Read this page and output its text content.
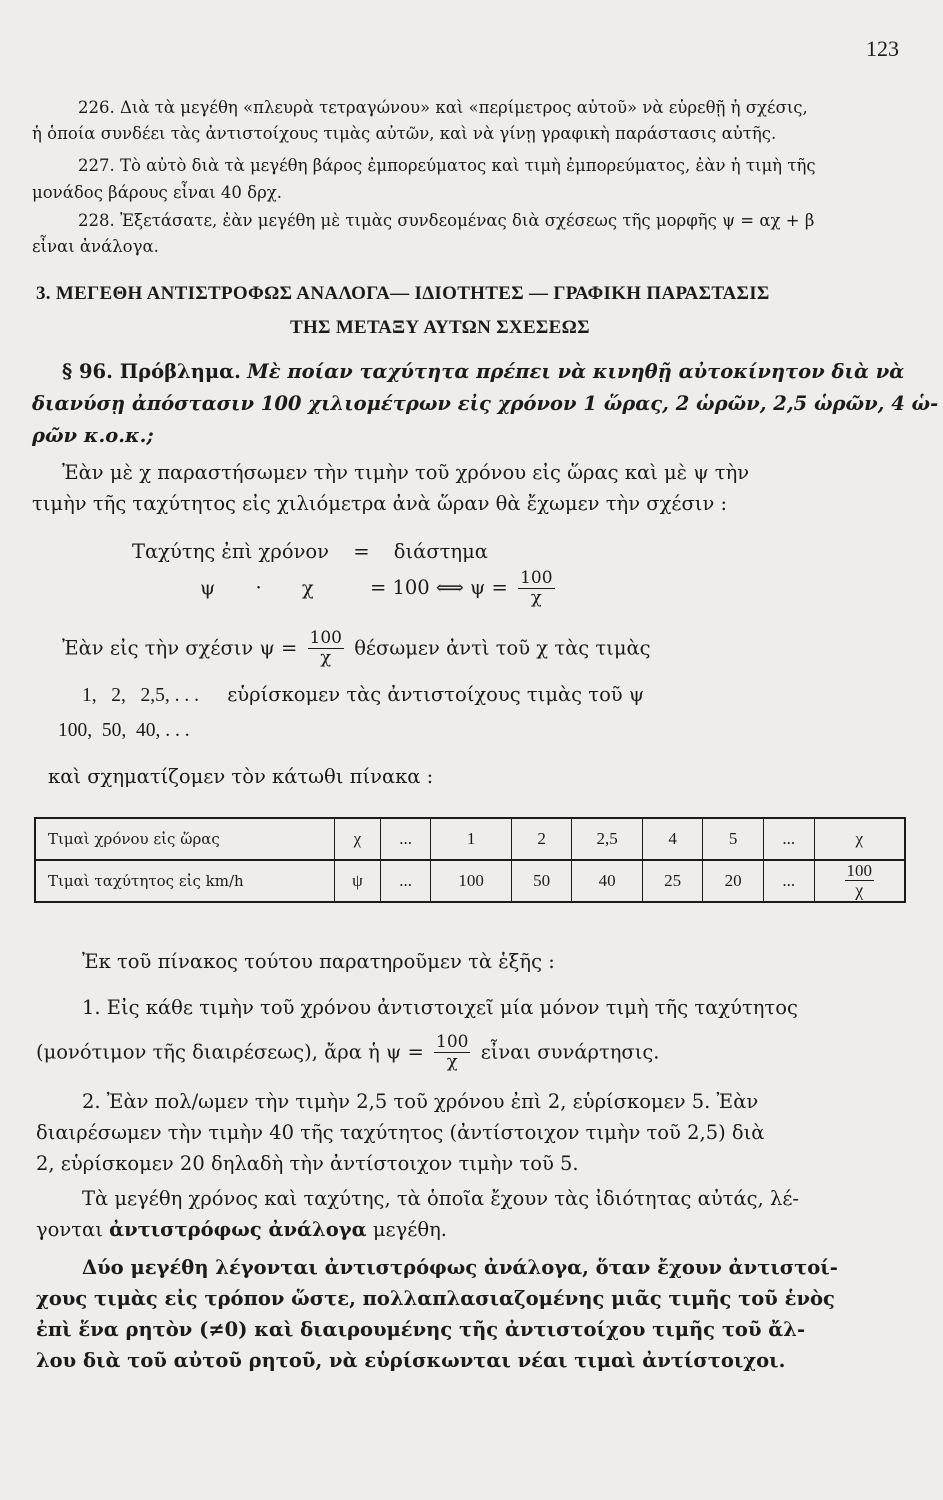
123
226. Διὰ τὰ μεγέθη «πλευρὰ τετραγώνου» καὶ «περίμετρος αὐτοῦ» νὰ εὑρεθῇ ἡ σχέσις,
ἡ ὁποία συνδέει τὰς ἀντιστοίχους τιμὰς αὐτῶν, καὶ νὰ γίνῃ γραφικὴ παράστασις αὐτῆς.
227. Τὸ αὐτὸ διὰ τὰ μεγέθη βάρος ἐμπορεύματος καὶ τιμὴ ἐμπορεύματος, ἐὰν ἡ τιμὴ τῆς
μονάδος βάρους εἶναι 40 δρχ.
228. Ἐξετάσατε, ἐὰν μεγέθη μὲ τιμὰς συνδεομένας διὰ σχέσεως τῆς μορφῆς ψ = αχ + β
εἶναι ἀνάλογα.
3. ΜΕΓΕΘΗ ΑΝΤΙΣΤΡΟΦΩΣ ΑΝΑΛΟΓΑ— ΙΔΙΟΤΗΤΕΣ — ΓΡΑΦΙΚΗ ΠΑΡΑΣΤΑΣΙΣ
ΤΗΣ ΜΕΤΑΞΥ ΑΥΤΩΝ ΣΧΕΣΕΩΣ
§ 96. Πρόβλημα. Μὲ ποίαν ταχύτητα πρέπει νὰ κινηθῇ αὐτοκίνητον διὰ νὰ
διανύσῃ ἀπόστασιν 100 χιλιομέτρων εἰς χρόνον 1 ὥρας, 2 ὡρῶν, 2,5 ὡρῶν, 4 ὡ-
ρῶν κ.ο.κ.;
Ἐὰν μὲ χ παραστήσωμεν τὴν τιμὴν τοῦ χρόνου εἰς ὥρας καὶ μὲ ψ τὴν
τιμὴν τῆς ταχύτητος εἰς χιλιόμετρα ἀνὰ ὥραν θὰ ἔχωμεν τὴν σχέσιν :
Ταχύτης ἐπὶ χρόνον = διάστημα
ψ · χ	= 100 ⟺ $\psi = \frac{100}{\chi}$
Ἐὰν εἰς τὴν σχέσιν $\psi = \frac{100}{\chi}$ θέσωμεν ἀντὶ τοῦ χ τὰς τιμὰς
1,   2,   2,5, . . . εὑρίσκομεν τὰς ἀντιστοίχους τιμὰς τοῦ ψ
100,  50,  40, . . .
καὶ σχηματίζομεν τὸν κάτωθι πίνακα :
Τιμαὶ χρόνου εἰς ὥρας	χ	...	1	2	2,5	4	5	...	χ
Τιμαὶ ταχύτητος εἰς km/h	ψ	...	100	50	40	25	20	...	$\frac{100}{\chi}$
Ἐκ τοῦ πίνακος τούτου παρατηροῦμεν τὰ ἑξῆς :
1. Εἰς κάθε τιμὴν τοῦ χρόνου ἀντιστοιχεῖ μία μόνον τιμὴ τῆς ταχύτητος
(μονότιμον τῆς διαιρέσεως), ἄρα ἡ $\psi = \frac{100}{\chi}$ εἶναι συνάρτησις.
2. Ἐὰν πολ/ωμεν τὴν τιμὴν 2,5 τοῦ χρόνου ἐπὶ 2, εὑρίσκομεν 5. Ἐὰν
διαιρέσωμεν τὴν τιμὴν 40 τῆς ταχύτητος (ἀντίστοιχον τιμὴν τοῦ 2,5) διὰ
2, εὑρίσκομεν 20 δηλαδὴ τὴν ἀντίστοιχον τιμὴν τοῦ 5.
Τὰ μεγέθη χρόνος καὶ ταχύτης, τὰ ὁποῖα ἔχουν τὰς ἰδιότητας αὐτάς, λέ-
γονται ἀντιστρόφως ἀνάλογα μεγέθη.
Δύο μεγέθη λέγονται ἀντιστρόφως ἀνάλογα, ὅταν ἔχουν ἀντιστοί-
χους τιμὰς εἰς τρόπον ὥστε, πολλαπλασιαζομένης μιᾶς τιμῆς τοῦ ἑνὸς
ἐπὶ ἕνα ρητὸν (≠0) καὶ διαιρουμένης τῆς ἀντιστοίχου τιμῆς τοῦ ἄλ-
λου διὰ τοῦ αὐτοῦ ρητοῦ, νὰ εὑρίσκωνται νέαι τιμαὶ ἀντίστοιχοι.
